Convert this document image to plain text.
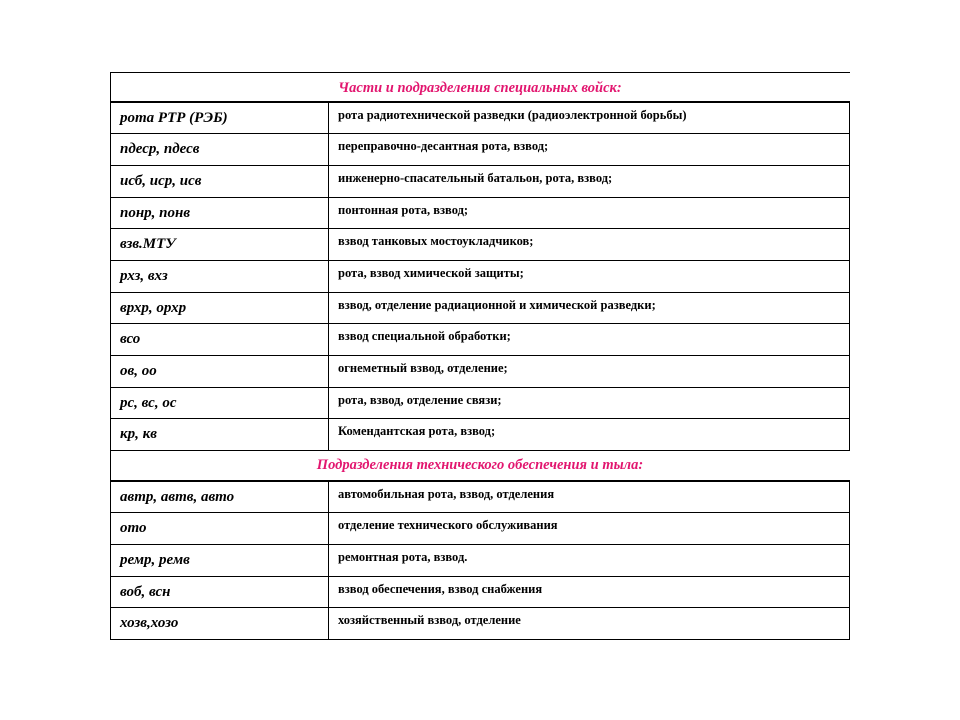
Части и подразделения специальных войск:
рота РТР (РЭБ)	рота радиотехнической разведки (радиоэлектронной борьбы)
пдеср, пдесв	переправочно-десантная рота, взвод;
исб, иср, исв	инженерно-спасательный батальон, рота, взвод;
понр, понв	понтонная рота, взвод;
взв.МТУ	взвод танковых мостоукладчиков;
рхз, вхз	рота, взвод химической защиты;
врхр, орхр	взвод, отделение радиационной и химической разведки;
всо	взвод специальной обработки;
ов, оо	огнеметный взвод, отделение;
рс, вс, ос	рота, взвод, отделение связи;
кр, кв	Комендантская рота, взвод;
Подразделения технического обеспечения и тыла:
автр, автв, авто	автомобильная рота, взвод, отделения
ото	отделение технического обслуживания
ремр, ремв	ремонтная рота, взвод.
воб, всн	взвод обеспечения, взвод снабжения
хозв,хозо	хозяйственный взвод, отделение
